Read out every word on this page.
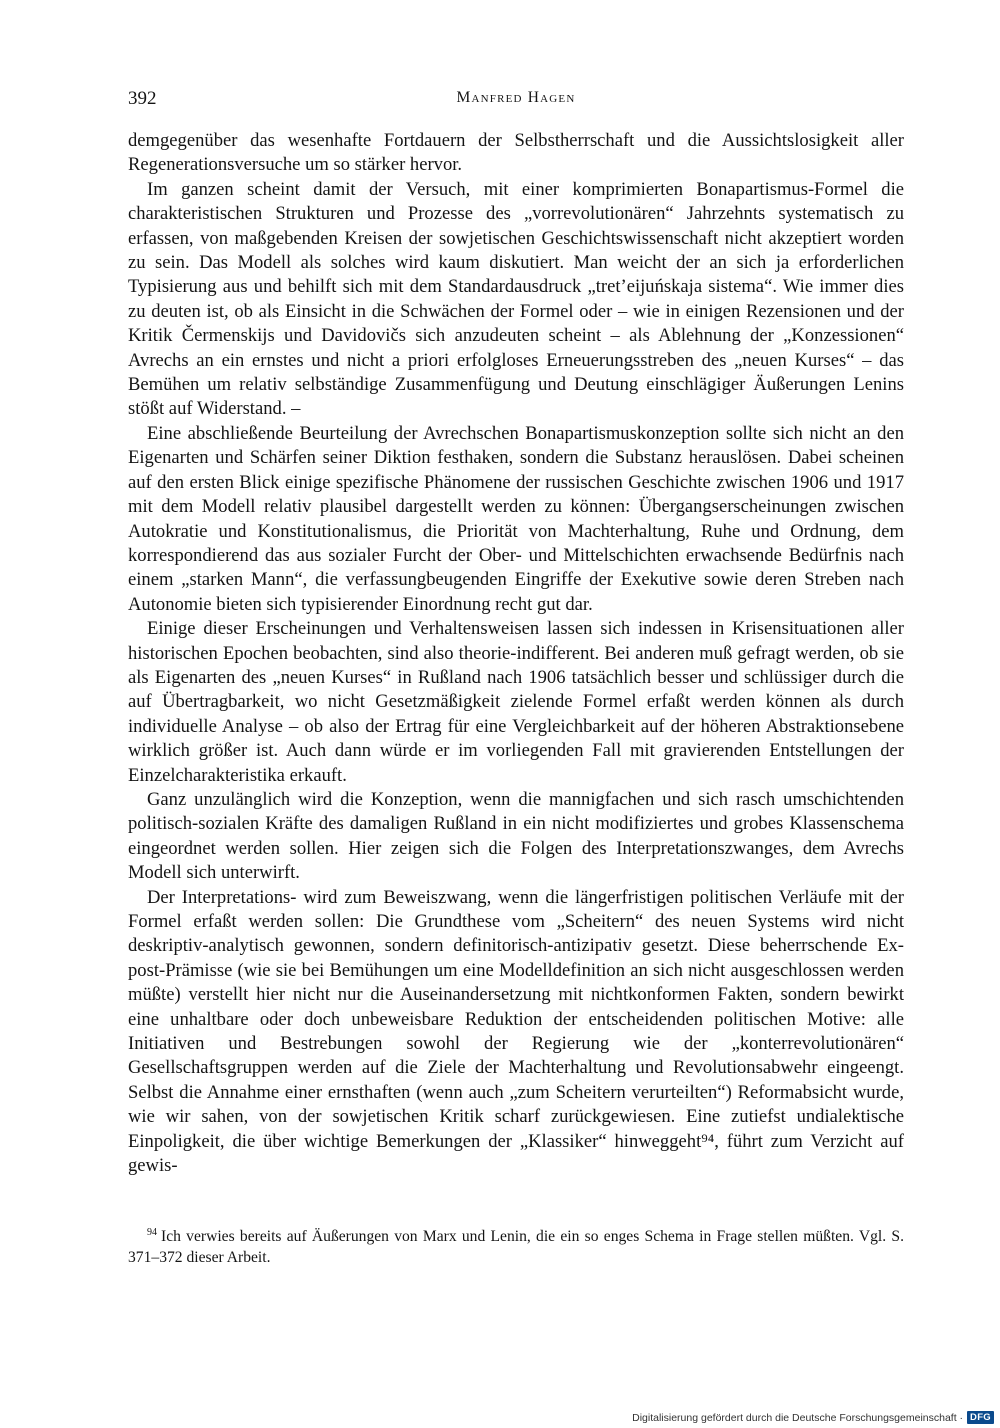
392	Manfred Hagen

demgegenüber das wesenhafte Fortdauern der Selbstherrschaft und die Aussichtslosigkeit aller Regenerationsversuche um so stärker hervor.

Im ganzen scheint damit der Versuch, mit einer komprimierten Bonapartismus-Formel die charakteristischen Strukturen und Prozesse des „vorrevolutionären“ Jahrzehnts systematisch zu erfassen, von maßgebenden Kreisen der sowjetischen Geschichtswissenschaft nicht akzeptiert worden zu sein. Das Modell als solches wird kaum diskutiert. Man weicht der an sich ja erforderlichen Typisierung aus und behilft sich mit dem Standardausdruck „tret’eijuńskaja sistema“. Wie immer dies zu deuten ist, ob als Einsicht in die Schwächen der Formel oder – wie in einigen Rezensionen und der Kritik Čermenskijs und Davidovičs sich anzudeuten scheint – als Ablehnung der „Konzessionen“ Avrechs an ein ernstes und nicht a priori erfolgloses Erneuerungsstreben des „neuen Kurses“ – das Bemühen um relativ selbständige Zusammenfügung und Deutung einschlägiger Äußerungen Lenins stößt auf Widerstand. –

Eine abschließende Beurteilung der Avrechschen Bonapartismuskonzeption sollte sich nicht an den Eigenarten und Schärfen seiner Diktion festhaken, sondern die Substanz herauslösen. Dabei scheinen auf den ersten Blick einige spezifische Phänomene der russischen Geschichte zwischen 1906 und 1917 mit dem Modell relativ plausibel dargestellt werden zu können: Übergangserscheinungen zwischen Autokratie und Konstitutionalismus, die Priorität von Machterhaltung, Ruhe und Ordnung, dem korrespondierend das aus sozialer Furcht der Ober- und Mittelschichten erwachsende Bedürfnis nach einem „starken Mann“, die verfassungbeugenden Eingriffe der Exekutive sowie deren Streben nach Autonomie bieten sich typisierender Einordnung recht gut dar.

Einige dieser Erscheinungen und Verhaltensweisen lassen sich indessen in Krisensituationen aller historischen Epochen beobachten, sind also theorie-indifferent. Bei anderen muß gefragt werden, ob sie als Eigenarten des „neuen Kurses“ in Rußland nach 1906 tatsächlich besser und schlüssiger durch die auf Übertragbarkeit, wo nicht Gesetzmäßigkeit zielende Formel erfaßt werden können als durch individuelle Analyse – ob also der Ertrag für eine Vergleichbarkeit auf der höheren Abstraktionsebene wirklich größer ist. Auch dann würde er im vorliegenden Fall mit gravierenden Entstellungen der Einzelcharakteristika erkauft.

Ganz unzulänglich wird die Konzeption, wenn die mannigfachen und sich rasch umschichtenden politisch-sozialen Kräfte des damaligen Rußland in ein nicht modifiziertes und grobes Klassenschema eingeordnet werden sollen. Hier zeigen sich die Folgen des Interpretationszwanges, dem Avrechs Modell sich unterwirft.

Der Interpretations- wird zum Beweiszwang, wenn die längerfristigen politischen Verläufe mit der Formel erfaßt werden sollen: Die Grundthese vom „Scheitern“ des neuen Systems wird nicht deskriptiv-analytisch gewonnen, sondern definitorisch-antizipativ gesetzt. Diese beherrschende Ex-post-Prämisse (wie sie bei Bemühungen um eine Modelldefinition an sich nicht ausgeschlossen werden müßte) verstellt hier nicht nur die Auseinandersetzung mit nichtkonformen Fakten, sondern bewirkt eine unhaltbare oder doch unbeweisbare Reduktion der entscheidenden politischen Motive: alle Initiativen und Bestrebungen sowohl der Regierung wie der „konterrevolutionären“ Gesellschaftsgruppen werden auf die Ziele der Machterhaltung und Revolutionsabwehr eingeengt. Selbst die Annahme einer ernsthaften (wenn auch „zum Scheitern verurteilten“) Reformabsicht wurde, wie wir sahen, von der sowjetischen Kritik scharf zurückgewiesen. Eine zutiefst undialektische Einpoligkeit, die über wichtige Bemerkungen der „Klassiker“ hinweggeht⁹⁴, führt zum Verzicht auf gewis-

$^{94}$ Ich verwies bereits auf Äußerungen von Marx und Lenin, die ein so enges Schema in Frage stellen müßten. Vgl. S. 371–372 dieser Arbeit.

Digitalisierung gefördert durch die Deutsche Forschungsgemeinschaft · DFG
